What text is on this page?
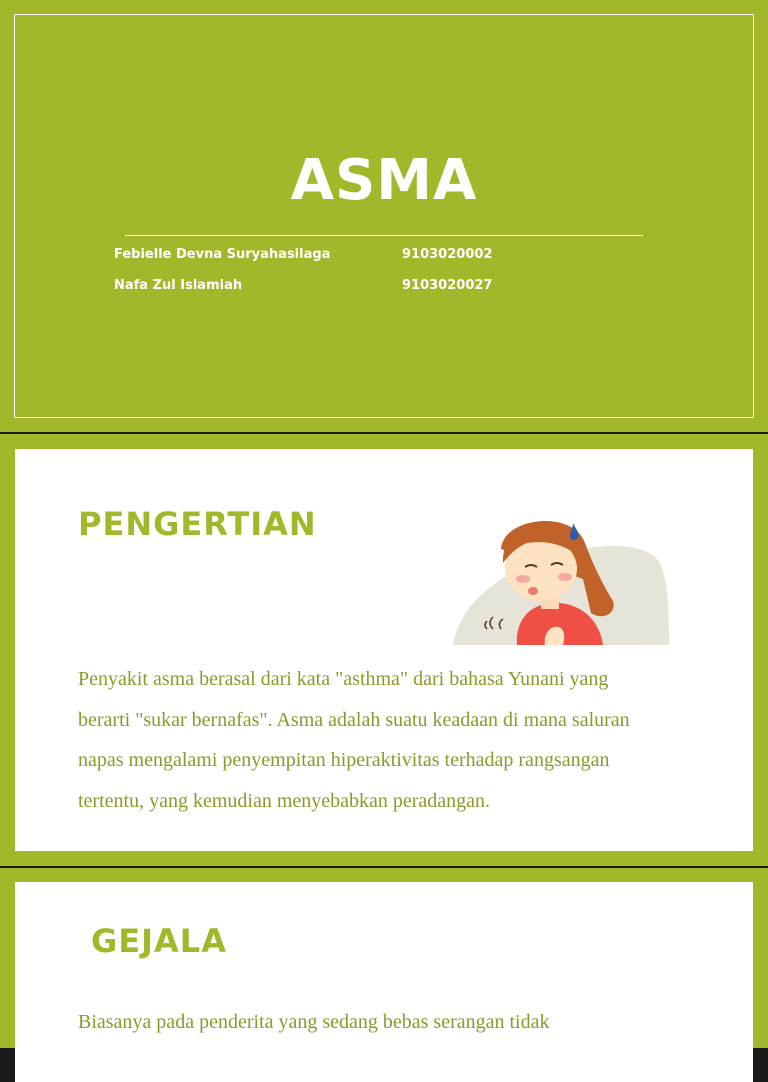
ASMA
Febielle Devna Suryahasilaga	9103020002
Nafa Zul Islamiah	9103020027
PENGERTIAN
Penyakit asma berasal dari kata "asthma" dari bahasa Yunani yang
berarti "sukar bernafas". Asma adalah suatu keadaan di mana saluran
napas mengalami penyempitan hiperaktivitas terhadap rangsangan
tertentu, yang kemudian menyebabkan peradangan.
GEJALA
Biasanya pada penderita yang sedang bebas serangan tidak
